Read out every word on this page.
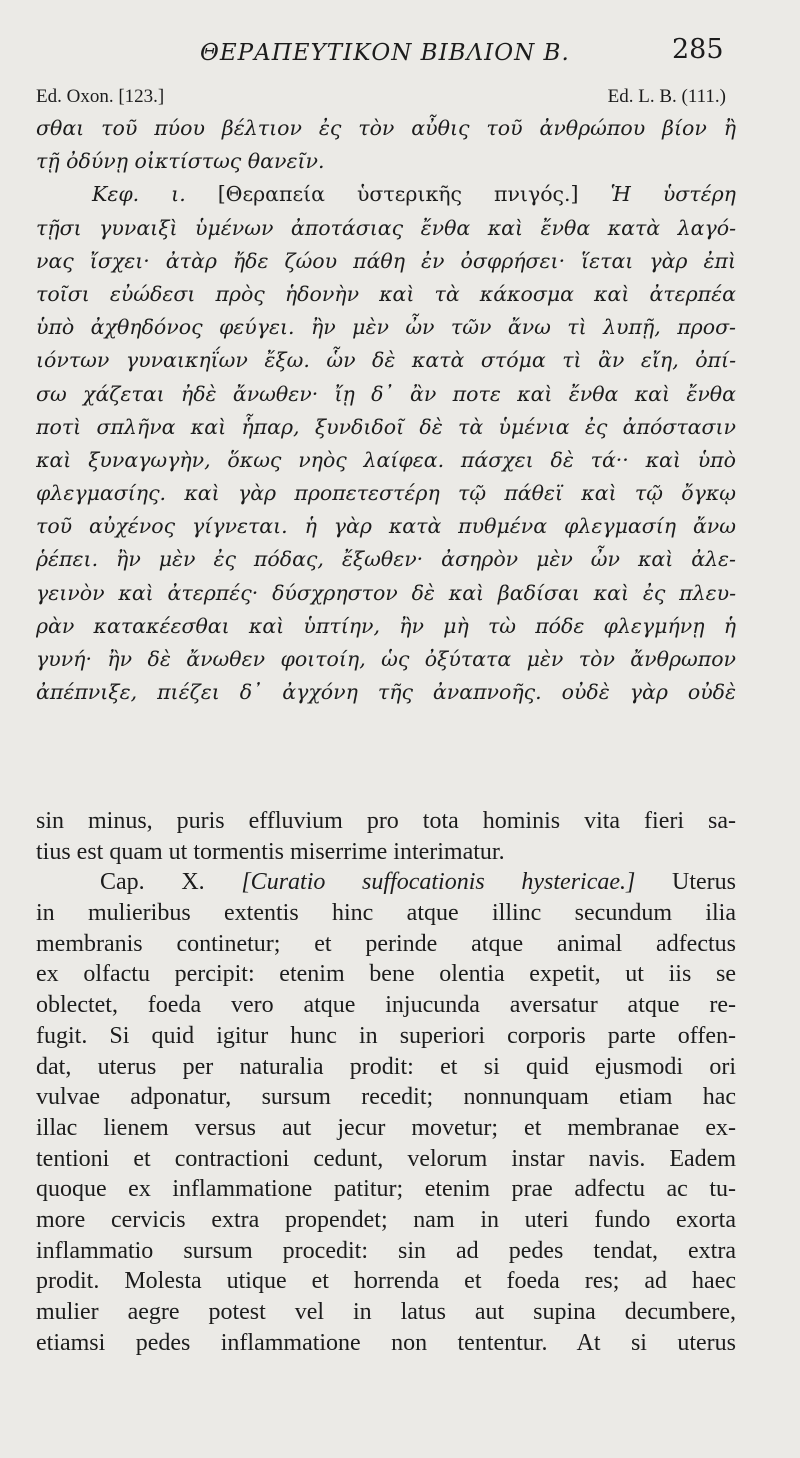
ΘΕΡΑΠΕΥΤΙΚΟΝ ΒΙΒΛΙΟΝ Β.	285
Ed. Oxon. [123.]	Ed. L. B. (111.)
σθαι τοῦ πύου βέλτιον ἐς τὸν αὖθις τοῦ ἀνθρώπου βίον ἢ
τῇ ὀδύνῃ οἰκτίστως θανεῖν.
Κεφ. ι. [Θεραπεία ὑστερικῆς πνιγός.] Ἡ ὑστέρη
τῇσι γυναιξὶ ὑμένων ἀποτάσιας ἔνθα καὶ ἔνθα κατὰ λαγό-
νας ἴσχει· ἀτὰρ ἤδε ζώου πάθη ἐν ὀσφρήσει· ἵεται γὰρ ἐπὶ
τοῖσι εὐώδεσι πρὸς ἡδονὴν καὶ τὰ κάκοσμα καὶ ἀτερπέα
ὑπὸ ἀχθηδόνος φεύγει. ἢν μὲν ὦν τῶν ἄνω τὶ λυπῇ, προσ-
ιόντων γυναικηΐων ἔξω. ὧν δὲ κατὰ στόμα τὶ ἂν εἴη, ὀπί-
σω χάζεται ἠδὲ ἄνωθεν· ἴῃ δ᾽ ἂν ποτε καὶ ἔνθα καὶ ἔνθα
ποτὶ σπλῆνα καὶ ἧπαρ, ξυνδιδοῖ δὲ τὰ ὑμένια ἐς ἀπόστασιν
καὶ ξυναγωγὴν, ὅκως νηὸς λαίφεα. πάσχει δὲ τά·· καὶ ὑπὸ
φλεγμασίης. καὶ γὰρ προπετεστέρη τῷ πάθεϊ καὶ τῷ ὄγκῳ
τοῦ αὐχένος γίγνεται. ἡ γὰρ κατὰ πυθμένα φλεγμασίη ἄνω
ῥέπει. ἢν μὲν ἐς πόδας, ἔξωθεν· ἀσηρὸν μὲν ὦν καὶ ἀλε-
γεινὸν καὶ ἀτερπές· δύσχρηστον δὲ καὶ βαδίσαι καὶ ἐς πλευ-
ρὰν κατακέεσθαι καὶ ὑπτίην, ἢν μὴ τὼ πόδε φλεγμήνῃ ἡ
γυνή· ἢν δὲ ἄνωθεν φοιτοίη, ὡς ὀξύτατα μὲν τὸν ἄνθρωπον
ἀπέπνιξε, πιέζει δ᾽ ἀγχόνη τῆς ἀναπνοῆς. οὐδὲ γὰρ οὐδὲ
sin minus, puris effluvium pro tota hominis vita fieri sa-
tius est quam ut tormentis miserrime interimatur.
Cap. X. [Curatio suffocationis hystericae.] Uterus
in mulieribus extentis hinc atque illinc secundum ilia
membranis continetur; et perinde atque animal adfectus
ex olfactu percipit: etenim bene olentia expetit, ut iis se
oblectet, foeda vero atque injucunda aversatur atque re-
fugit. Si quid igitur hunc in superiori corporis parte offen-
dat, uterus per naturalia prodit: et si quid ejusmodi ori
vulvae adponatur, sursum recedit; nonnunquam etiam hac
illac lienem versus aut jecur movetur; et membranae ex-
tentioni et contractioni cedunt, velorum instar navis. Eadem
quoque ex inflammatione patitur; etenim prae adfectu ac tu-
more cervicis extra propendet; nam in uteri fundo exorta
inflammatio sursum procedit: sin ad pedes tendat, extra
prodit. Molesta utique et horrenda et foeda res; ad haec
mulier aegre potest vel in latus aut supina decumbere,
etiamsi pedes inflammatione non tententur. At si uterus
